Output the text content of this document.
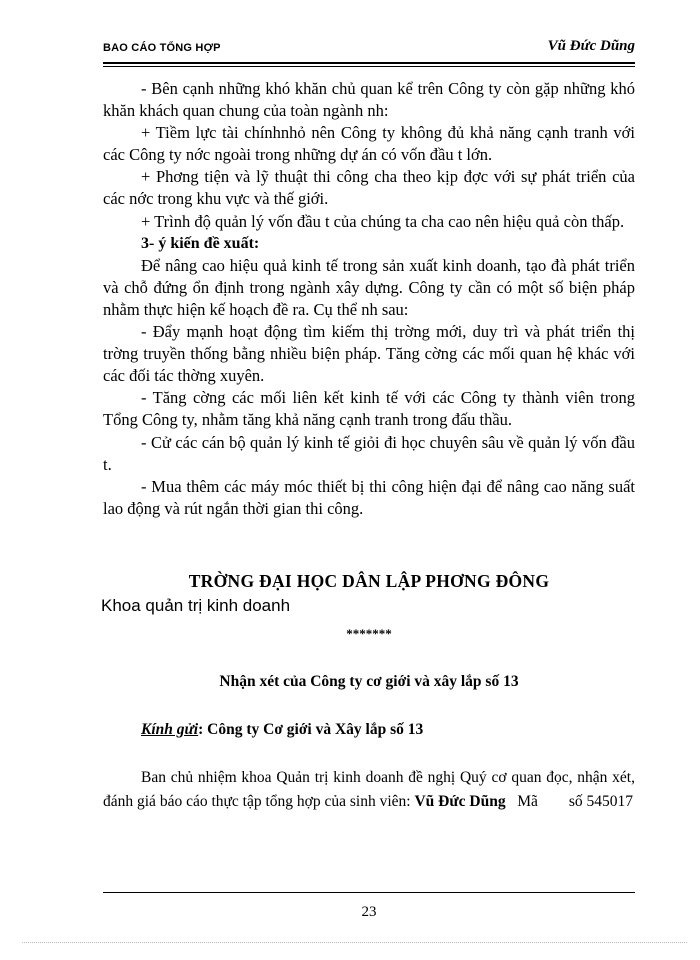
BAO CÁO TỔNG HỢP	Vũ Đức Dũng

- Bên cạnh những khó khăn chủ quan kể trên Công ty còn gặp những khó khăn khách quan chung của toàn ngành nh:

+ Tiềm lực tài chínhnhỏ nên Công ty không đủ khả năng cạnh tranh với các Công ty nớc ngoài trong những dự án có vốn đầu t lớn.

+ Phơng tiện và lỹ thuật thi công cha theo kịp đợc với sự phát triển của các nớc trong khu vực và thế giới.

+ Trình độ quản lý vốn đầu t của chúng ta cha cao nên hiệu quả còn thấp.

3- ý kiến đề xuất:

Để nâng cao hiệu quả kinh tế trong sản xuất kinh doanh, tạo đà phát triển và chỗ đứng ổn định trong ngành xây dựng. Công ty cần có một số biện pháp nhằm thực hiện kế hoạch đề ra. Cụ thể nh sau:

- Đẩy mạnh hoạt động tìm kiếm thị trờng mới, duy trì và phát triển thị trờng truyền thống bằng nhiều biện pháp. Tăng cờng các mối quan hệ khác với các đối tác thờng xuyên.

- Tăng cờng các mối liên kết kinh tế với các Công ty thành viên trong Tổng Công ty, nhằm tăng khả năng cạnh tranh trong đấu thầu.

- Cử các cán bộ quản lý kinh tế giỏi đi học chuyên sâu về quản lý vốn đầu t.

- Mua thêm các máy móc thiết bị thi công hiện đại để nâng cao năng suất lao động và rút ngắn thời gian thi công.

TRỜNG ĐẠI HỌC DÂN LẬP PHƠNG ĐÔNG
Khoa quản trị kinh doanh
*******
Nhận xét của Công ty cơ giới và xây lắp số 13
Kính gửi: Công ty Cơ giới và Xây lắp số 13

Ban chủ nhiệm khoa Quản trị kinh doanh đề nghị Quý cơ quan đọc, nhận xét, đánh giá báo cáo thực tập tổng hợp của sinh viên: Vũ Đức Dũng   Mã        số 545017

23
